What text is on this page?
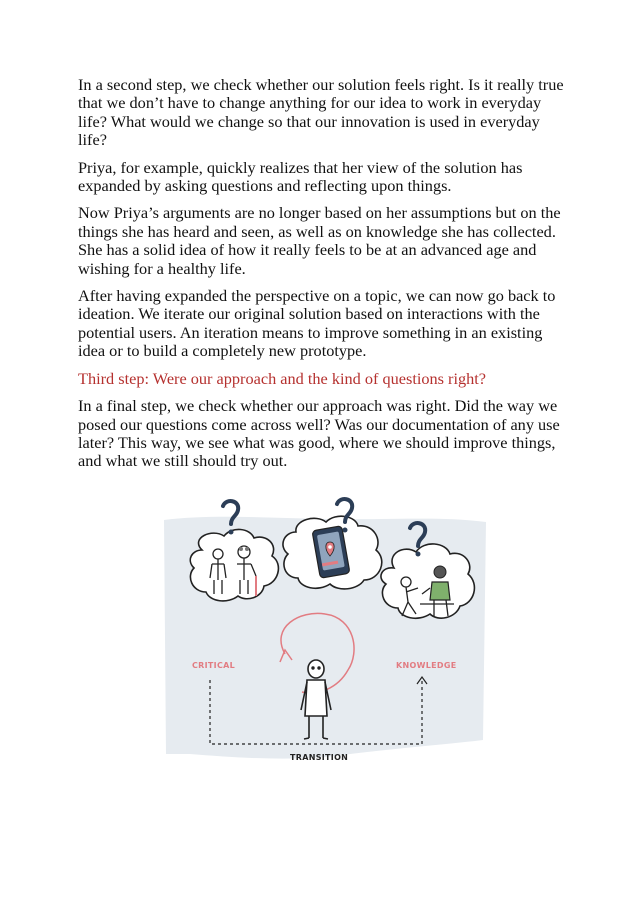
In a second step, we check whether our solution feels right. Is it really true that we don’t have to change anything for our idea to work in everyday life? What would we change so that our innovation is used in everyday life?

Priya, for example, quickly realizes that her view of the solution has expanded by asking questions and reflecting upon things.

Now Priya’s arguments are no longer based on her assumptions but on the things she has heard and seen, as well as on knowledge she has collected. She has a solid idea of how it really feels to be at an advanced age and wishing for a healthy life.

After having expanded the perspective on a topic, we can now go back to ideation. We iterate our original solution based on interactions with the potential users. An iteration means to improve something in an existing idea or to build a completely new prototype.

Third step: Were our approach and the kind of questions right?

In a final step, we check whether our approach was right. Did the way we posed our questions come across well? Was our documentation of any use later? This way, we see what was good, where we should improve things, and what we still should try out.

CRITICAL	KNOWLEDGE
TRANSITION
